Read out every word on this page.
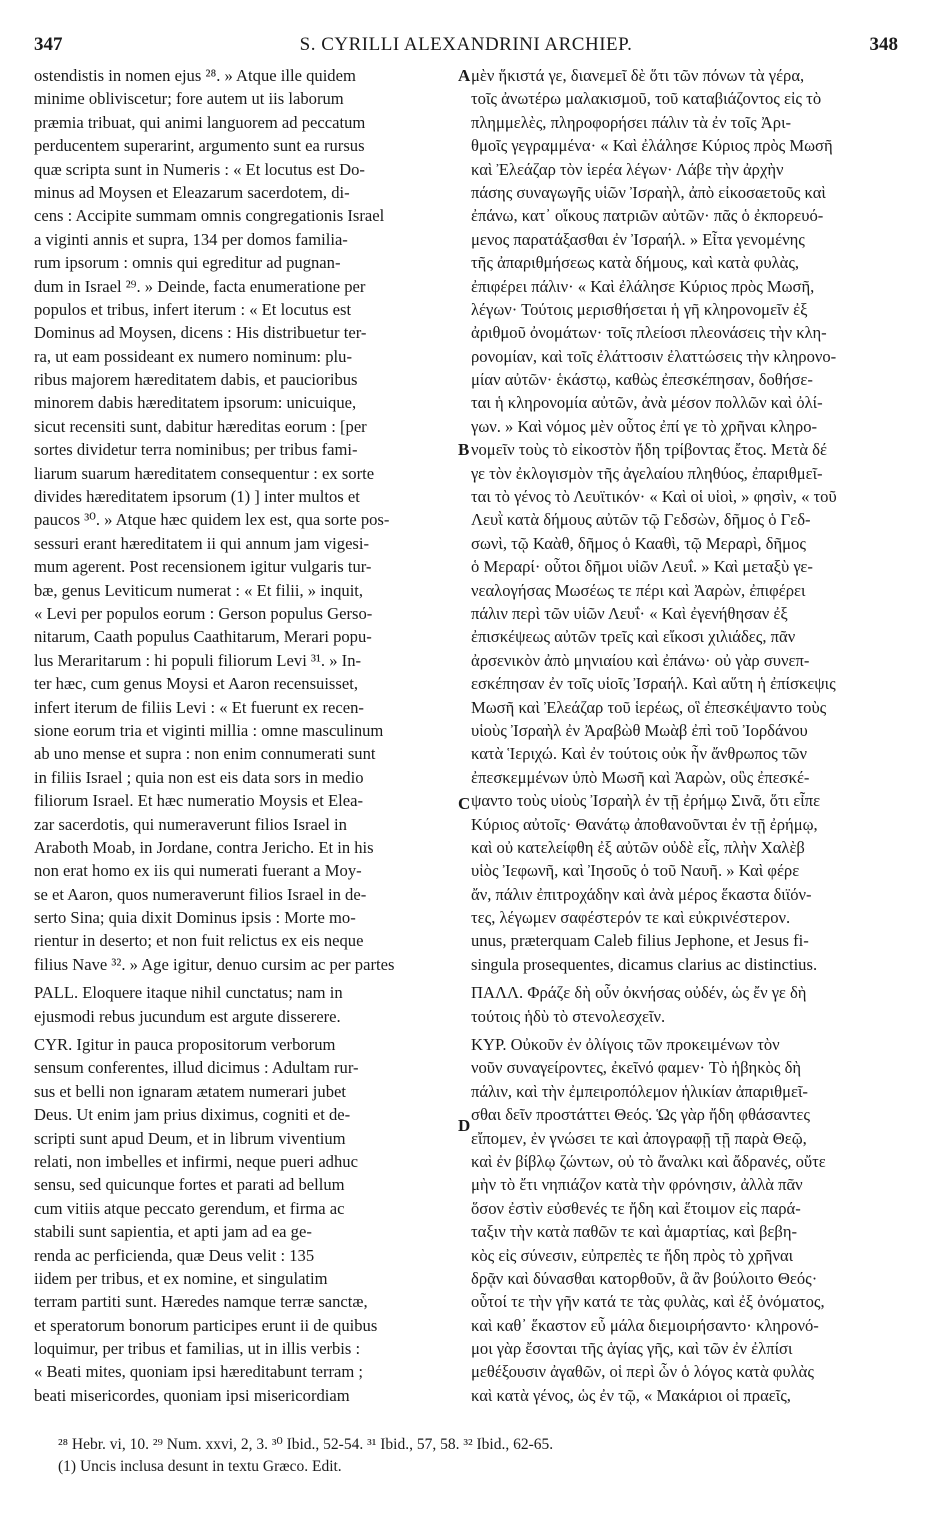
347	S. CYRILLI ALEXANDRINI ARCHIEP.	348
ostendistis in nomen ejus ²⁸. » Atque ille quidem
minime obliviscetur; fore autem ut iis laborum
præmia tribuat, qui animi languorem ad peccatum
perducentem superarint, argumento sunt ea rursus
quæ scripta sunt in Numeris : « Et locutus est Do-
minus ad Moysen et Eleazarum sacerdotem, di-
cens : Accipite summam omnis congregationis Israel
a viginti annis et supra, 134 per domos familia-
rum ipsorum : omnis qui egreditur ad pugnan-
dum in Israel ²⁹. » Deinde, facta enumeratione per
populos et tribus, infert iterum : « Et locutus est
Dominus ad Moysen, dicens : His distribuetur ter-
ra, ut eam possideant ex numero nominum: plu-
ribus majorem hæreditatem dabis, et paucioribus
minorem dabis hæreditatem ipsorum: unicuique,
sicut recensiti sunt, dabitur hæreditas eorum : [per
sortes dividetur terra nominibus; per tribus fami-
liarum suarum hæreditatem consequentur : ex sorte
divides hæreditatem ipsorum (1) ] inter multos et
paucos ³⁰. » Atque hæc quidem lex est, qua sorte pos-
sessuri erant hæreditatem ii qui annum jam vigesi-
mum agerent. Post recensionem igitur vulgaris tur-
bæ, genus Leviticum numerat : « Et filii, » inquit,
« Levi per populos eorum : Gerson populus Gerso-
nitarum, Caath populus Caathitarum, Merari popu-
lus Meraritarum : hi populi filiorum Levi ³¹. » In-
ter hæc, cum genus Moysi et Aaron recensuisset,
infert iterum de filiis Levi : « Et fuerunt ex recen-
sione eorum tria et viginti millia : omne masculinum
ab uno mense et supra : non enim connumerati sunt
in filiis Israel ; quia non est eis data sors in medio
filiorum Israel. Et hæc numeratio Moysis et Elea-
zar sacerdotis, qui numeraverunt filios Israel in
Araboth Moab, in Jordane, contra Jericho. Et in his
non erat homo ex iis qui numerati fuerant a Moy-
se et Aaron, quos numeraverunt filios Israel in de-
serto Sina; quia dixit Dominus ipsis : Morte mo-
rientur in deserto; et non fuit relictus ex eis neque
filius Nave ³². » Age igitur, denuo cursim ac per partes
PALL. Eloquere itaque nihil cunctatus; nam in
ejusmodi rebus jucundum est argute disserere.
CYR. Igitur in pauca propositorum verborum
sensum conferentes, illud dicimus : Adultam rur-
sus et belli non ignaram ætatem numerari jubet
Deus. Ut enim jam prius diximus, cogniti et de-
scripti sunt apud Deum, et in librum viventium
relati, non imbelles et infirmi, neque pueri adhuc
sensu, sed quicunque fortes et parati ad bellum
cum vitiis atque peccato gerendum, et firma ac
stabili sunt sapientia, et apti jam ad ea ge-
renda ac perficienda, quæ Deus velit : 135
iidem per tribus, et ex nomine, et singulatim
terram partiti sunt. Hæredes namque terræ sanctæ,
et speratorum bonorum participes erunt ii de quibus
loquimur, per tribus et familias, ut in illis verbis :
« Beati mites, quoniam ipsi hæreditabunt terram ;
beati misericordes, quoniam ipsi misericordiam
μὲν ἥκιστά γε, διανεμεῖ δὲ ὅτι τῶν πόνων τὰ γέρα,
τοῖς ἀνωτέρω μαλακισμοῦ, τοῦ καταβιάζοντος εἰς τὸ
πλημμελὲς, πληροφορήσει πάλιν τὰ ἐν τοῖς Ἀρι-
θμοῖς γεγραμμένα· « Καὶ ἐλάλησε Κύριος πρὸς Μωσῆ
καὶ Ἐλεάζαρ τὸν ἱερέα λέγων· Λάβε τὴν ἀρχὴν
πάσης συναγωγῆς υἱῶν Ἰσραὴλ, ἀπὸ εἰκοσαετοῦς καὶ
ἐπάνω, κατ᾽ οἴκους πατριῶν αὐτῶν· πᾶς ὁ ἐκπορευό-
μενος παρατάξασθαι ἐν Ἰσραήλ. » Εἶτα γενομένης
τῆς ἀπαριθμήσεως κατὰ δήμους, καὶ κατὰ φυλὰς,
ἐπιφέρει πάλιν· « Καὶ ἐλάλησε Κύριος πρὸς Μωσῆ,
λέγων· Τούτοις μερισθήσεται ἡ γῆ κληρονομεῖν ἐξ
ἀριθμοῦ ὀνομάτων· τοῖς πλείοσι πλεονάσεις τὴν κλη-
ρονομίαν, καὶ τοῖς ἐλάττοσιν ἐλαττώσεις τὴν κληρονο-
μίαν αὐτῶν· ἑκάστῳ, καθὼς ἐπεσκέπησαν, δοθήσε-
ται ἡ κληρονομία αὐτῶν, ἀνὰ μέσον πολλῶν καὶ ὀλί-
γων. » Καὶ νόμος μὲν οὗτος ἐπί γε τὸ χρῆναι κληρο-
νομεῖν τοὺς τὸ εἰκοστὸν ἤδη τρίβοντας ἔτος. Μετὰ δέ
γε τὸν ἐκλογισμὸν τῆς ἀγελαίου πληθύος, ἐπαριθμεῖ-
ται τὸ γένος τὸ Λευϊτικόν· « Καὶ οἱ υἱοὶ, » φησὶν, « τοῦ
Λευῒ κατὰ δήμους αὐτῶν τῷ Γεδσὼν, δῆμος ὁ Γεδ-
σωνὶ, τῷ Καὰθ, δῆμος ὁ Κααθὶ, τῷ Μεραρὶ, δῆμος
ὁ Μεραρί· οὗτοι δῆμοι υἱῶν Λευΐ. » Καὶ μεταξὺ γε-
νεαλογήσας Μωσέως τε πέρι καὶ Ἀαρὼν, ἐπιφέρει
πάλιν περὶ τῶν υἱῶν Λευΐ· « Καὶ ἐγενήθησαν ἐξ
ἐπισκέψεως αὐτῶν τρεῖς καὶ εἴκοσι χιλιάδες, πᾶν
ἀρσενικὸν ἀπὸ μηνιαίου καὶ ἐπάνω· οὐ γὰρ συνεπ-
εσκέπησαν ἐν τοῖς υἱοῖς Ἰσραήλ. Καὶ αὕτη ἡ ἐπίσκεψις
Μωσῆ καὶ Ἐλεάζαρ τοῦ ἱερέως, οἳ ἐπεσκέψαντο τοὺς
υἱοὺς Ἰσραὴλ ἐν Ἀραβὼθ Μωὰβ ἐπὶ τοῦ Ἰορδάνου
κατὰ Ἱεριχώ. Καὶ ἐν τούτοις οὐκ ἦν ἄνθρωπος τῶν
ἐπεσκεμμένων ὑπὸ Μωσῆ καὶ Ἀαρὼν, οὓς ἐπεσκέ-
ψαντο τοὺς υἱοὺς Ἰσραὴλ ἐν τῇ ἐρήμῳ Σινᾶ, ὅτι εἶπε
Κύριος αὐτοῖς· Θανάτῳ ἀποθανοῦνται ἐν τῇ ἐρήμῳ,
καὶ οὐ κατελείφθη ἐξ αὐτῶν οὐδὲ εἷς, πλὴν Χαλὲβ
υἱὸς Ἰεφωνῆ, καὶ Ἰησοῦς ὁ τοῦ Ναυῆ. » Καὶ φέρε
ἄν, πάλιν ἐπιτροχάδην καὶ ἀνὰ μέρος ἕκαστα διϊόν-
τες, λέγωμεν σαφέστερόν τε καὶ εὐκρινέστερον.
unus, præterquam Caleb filius Jephone, et Jesus fi-
singula prosequentes, dicamus clarius ac distinctius.
ΠΑΛΛ. Φράζε δὴ οὖν ὀκνήσας οὐδέν, ὡς ἔν γε δὴ
τούτοις ἡδὺ τὸ στενολεσχεῖν.
ΚΥΡ. Οὐκοῦν ἐν ὀλίγοις τῶν προκειμένων τὸν
νοῦν συναγείροντες, ἐκεῖνό φαμεν· Τὸ ἡβηκὸς δὴ
πάλιν, καὶ τὴν ἐμπειροπόλεμον ἡλικίαν ἀπαριθμεῖ-
σθαι δεῖν προστάττει Θεός. Ὡς γὰρ ἤδη φθάσαντες
εἴπομεν, ἐν γνώσει τε καὶ ἀπογραφῇ τῇ παρὰ Θεῷ,
καὶ ἐν βίβλῳ ζώντων, οὐ τὸ ἄναλκι καὶ ἄδρανές, οὔτε
μὴν τὸ ἔτι νηπιάζον κατὰ τὴν φρόνησιν, ἀλλὰ πᾶν
ὅσον ἐστὶν εὐσθενές τε ἤδη καὶ ἕτοιμον εἰς παρά-
ταξιν τὴν κατὰ παθῶν τε καὶ ἁμαρτίας, καὶ βεβη-
κὸς εἰς σύνεσιν, εὐπρεπὲς τε ἤδη πρὸς τὸ χρῆναι
δρᾷν καὶ δύνασθαι κατορθοῦν, ἃ ἂν βούλοιτο Θεός·
οὗτοί τε τὴν γῆν κατά τε τὰς φυλὰς, καὶ ἐξ ὀνόματος,
καὶ καθ᾽ ἕκαστον εὖ μάλα διεμοιρήσαντο· κληρονό-
μοι γὰρ ἔσονται τῆς ἁγίας γῆς, καὶ τῶν ἐν ἐλπίσι
μεθέξουσιν ἀγαθῶν, οἱ περὶ ὧν ὁ λόγος κατὰ φυλὰς
καὶ κατὰ γένος, ὡς ἐν τῷ, « Μακάριοι οἱ πραεῖς,
A
B
C
D
²⁸ Hebr. vi, 10. ²⁹ Num. xxvi, 2, 3. ³⁰ Ibid., 52-54. ³¹ Ibid., 57, 58. ³² Ibid., 62-65.
(1) Uncis inclusa desunt in textu Græco. Edit.
